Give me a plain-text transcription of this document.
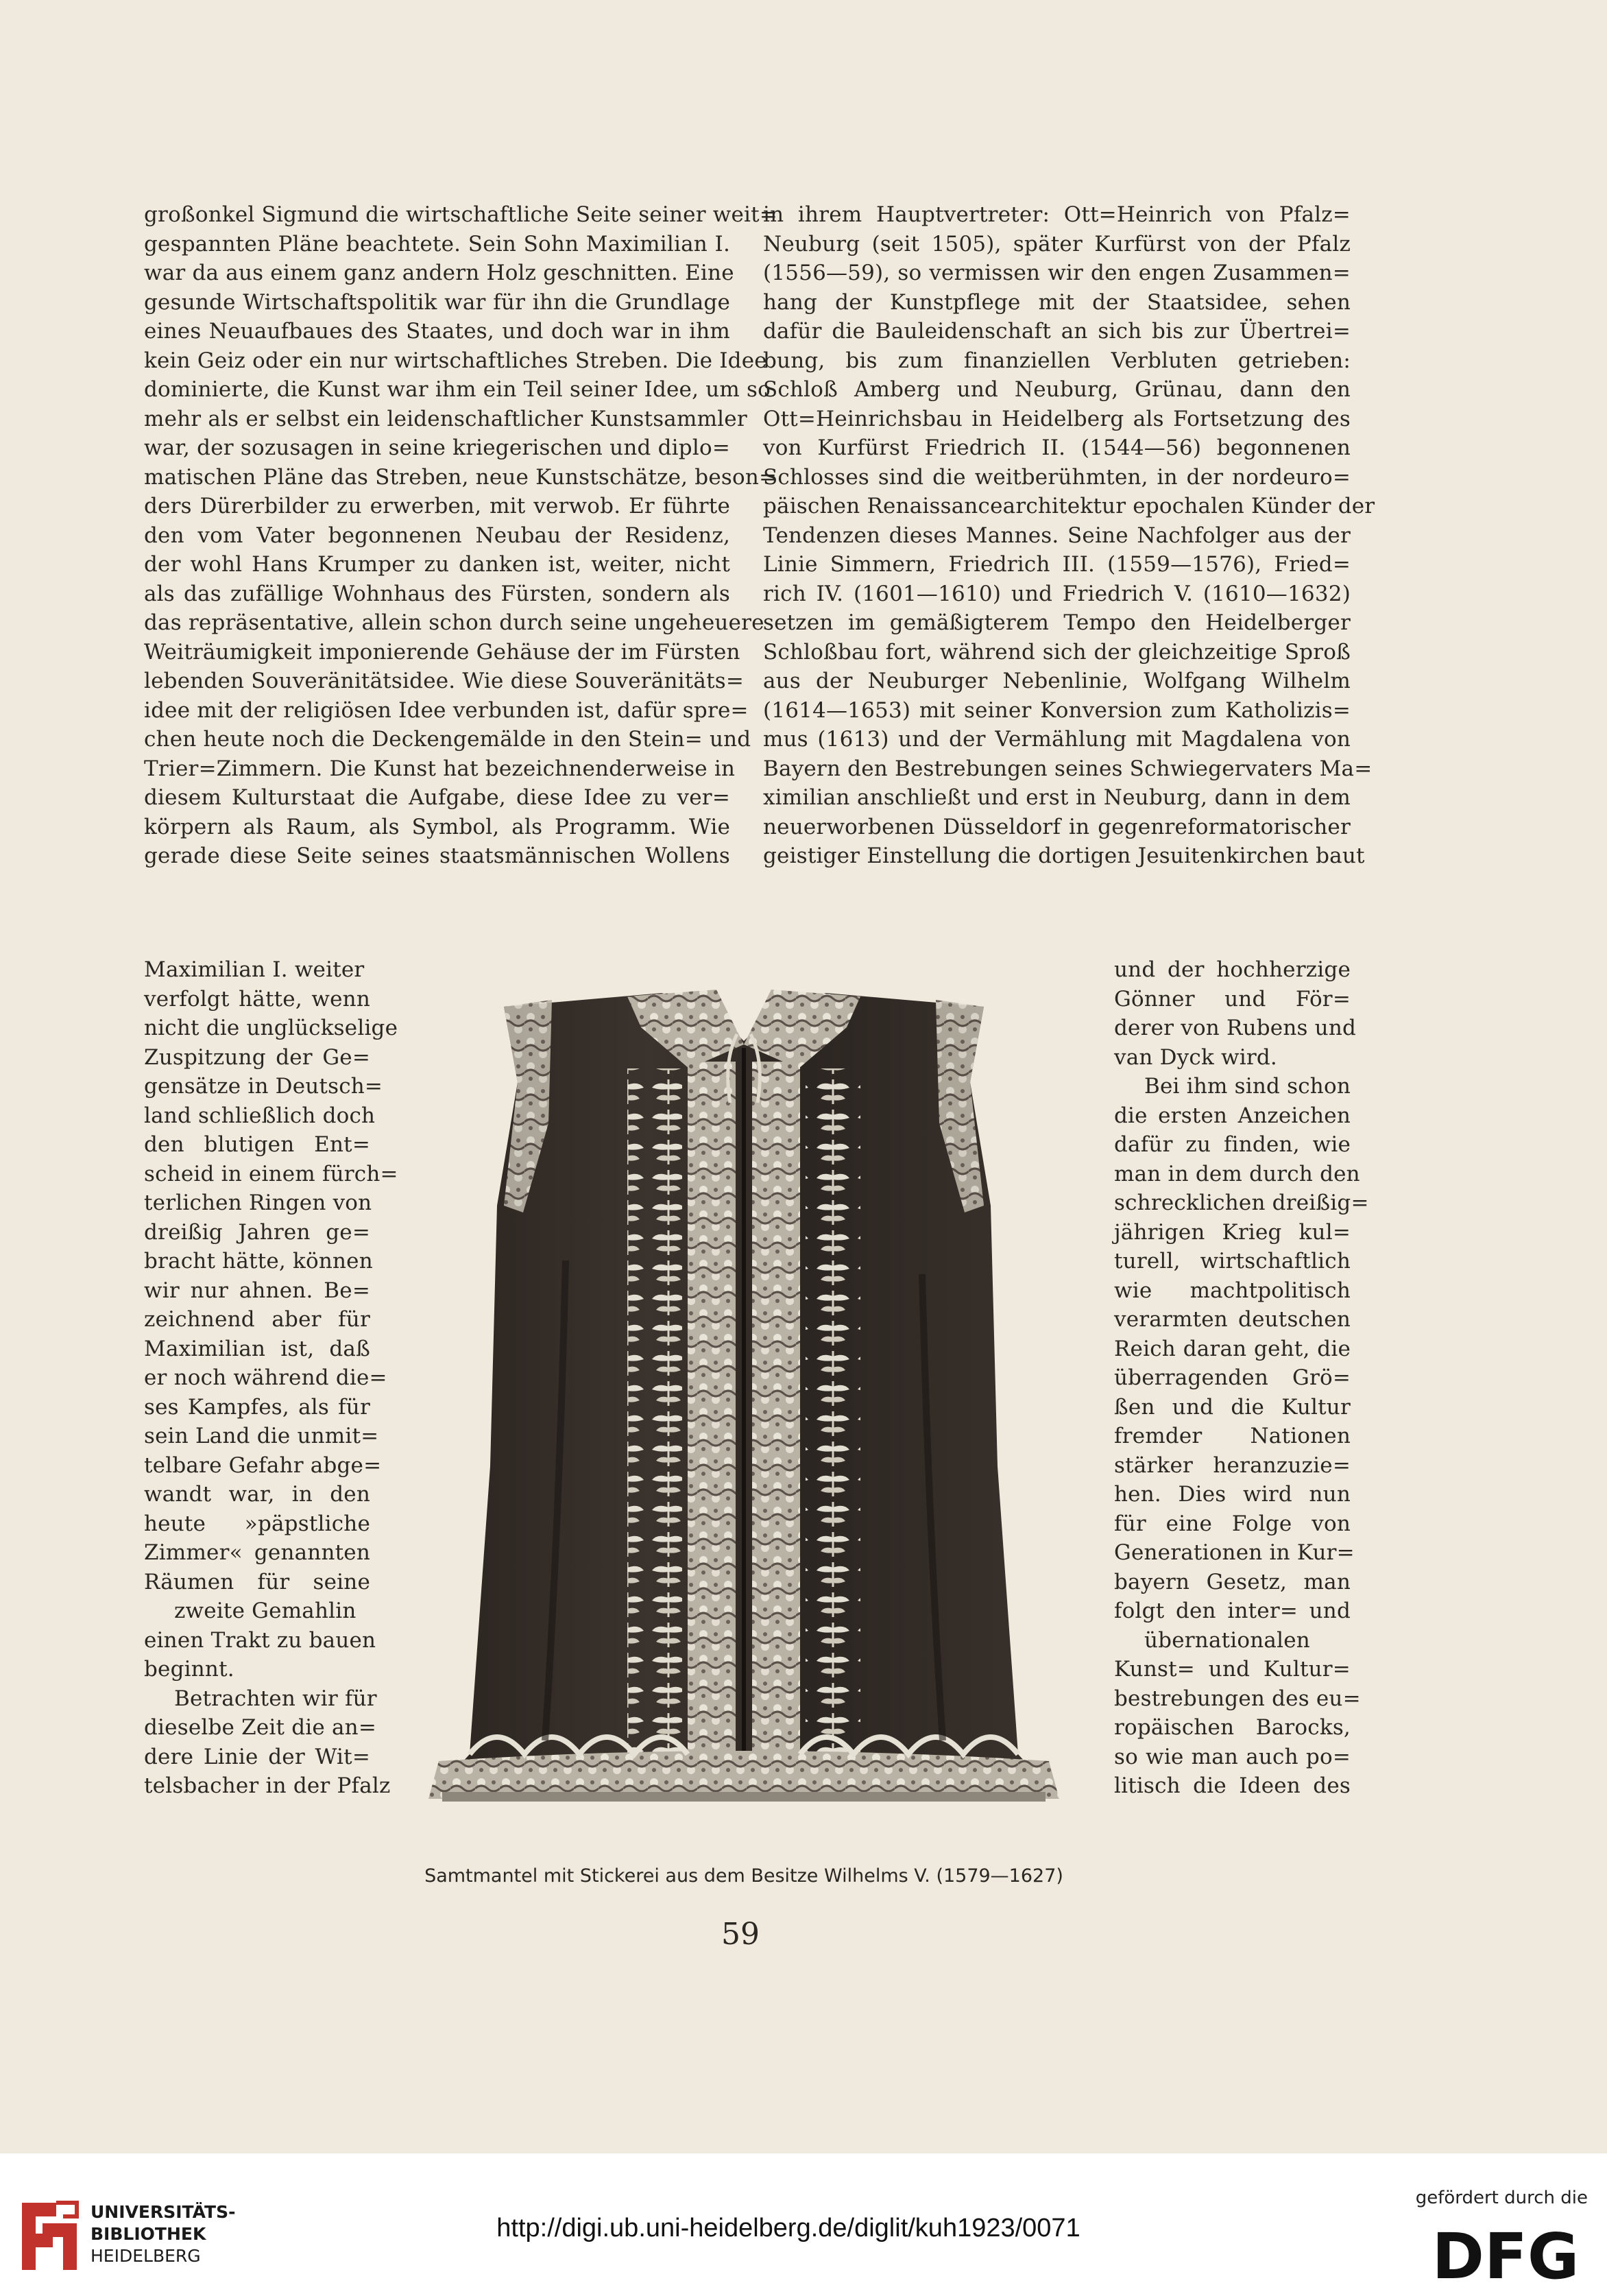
großonkel Sigmund die wirtschaftliche Seite seiner weit=
gespannten Pläne beachtete. Sein Sohn Maximilian I.
war da aus einem ganz andern Holz geschnitten. Eine
gesunde Wirtschaftspolitik war für ihn die Grundlage
eines Neuaufbaues des Staates, und doch war in ihm
kein Geiz oder ein nur wirtschaftliches Streben. Die Idee
dominierte, die Kunst war ihm ein Teil seiner Idee, um so
mehr als er selbst ein leidenschaftlicher Kunstsammler
war, der sozusagen in seine kriegerischen und diplo=
matischen Pläne das Streben, neue Kunstschätze, beson=
ders Dürerbilder zu erwerben, mit verwob. Er führte
den vom Vater begonnenen Neubau der Residenz,
der wohl Hans Krumper zu danken ist, weiter, nicht
als das zufällige Wohnhaus des Fürsten, sondern als
das repräsentative, allein schon durch seine ungeheuere
Weiträumigkeit imponierende Gehäuse der im Fürsten
lebenden Souveränitätsidee. Wie diese Souveränitäts=
idee mit der religiösen Idee verbunden ist, dafür spre=
chen heute noch die Deckengemälde in den Stein= und
Trier=Zimmern. Die Kunst hat bezeichnenderweise in
diesem Kulturstaat die Aufgabe, diese Idee zu ver=
körpern als Raum, als Symbol, als Programm. Wie
gerade diese Seite seines staatsmännischen Wollens
in ihrem Hauptvertreter: Ott=Heinrich von Pfalz=
Neuburg (seit 1505), später Kurfürst von der Pfalz
(1556—59), so vermissen wir den engen Zusammen=
hang der Kunstpflege mit der Staatsidee, sehen
dafür die Bauleidenschaft an sich bis zur Übertrei=
bung, bis zum finanziellen Verbluten getrieben:
Schloß Amberg und Neuburg, Grünau, dann den
Ott=Heinrichsbau in Heidelberg als Fortsetzung des
von Kurfürst Friedrich II. (1544—56) begonnenen
Schlosses sind die weitberühmten, in der nordeuro=
päischen Renaissancearchitektur epochalen Künder der
Tendenzen dieses Mannes. Seine Nachfolger aus der
Linie Simmern, Friedrich III. (1559—1576), Fried=
rich IV. (1601—1610) und Friedrich V. (1610—1632)
setzen im gemäßigterem Tempo den Heidelberger
Schloßbau fort, während sich der gleichzeitige Sproß
aus der Neuburger Nebenlinie, Wolfgang Wilhelm
(1614—1653) mit seiner Konversion zum Katholizis=
mus (1613) und der Vermählung mit Magdalena von
Bayern den Bestrebungen seines Schwiegervaters Ma=
ximilian anschließt und erst in Neuburg, dann in dem
neuerworbenen Düsseldorf in gegenreformatorischer
geistiger Einstellung die dortigen Jesuitenkirchen baut
Maximilian I. weiter
verfolgt hätte, wenn
nicht die unglückselige
Zuspitzung der Ge=
gensätze in Deutsch=
land schließlich doch
den blutigen Ent=
scheid in einem fürch=
terlichen Ringen von
dreißig Jahren ge=
bracht hätte, können
wir nur ahnen. Be=
zeichnend aber für
Maximilian ist, daß
er noch während die=
ses Kampfes, als für
sein Land die unmit=
telbare Gefahr abge=
wandt war, in den
heute »päpstliche
Zimmer« genannten
Räumen für seine
zweite Gemahlin
einen Trakt zu bauen
beginnt.
Betrachten wir für
dieselbe Zeit die an=
dere Linie der Wit=
telsbacher in der Pfalz
und der hochherzige
Gönner und För=
derer von Rubens und
van Dyck wird.
Bei ihm sind schon
die ersten Anzeichen
dafür zu finden, wie
man in dem durch den
schrecklichen dreißig=
jährigen Krieg kul=
turell, wirtschaftlich
wie machtpolitisch
verarmten deutschen
Reich daran geht, die
überragenden Grö=
ßen und die Kultur
fremder Nationen
stärker heranzuzie=
hen. Dies wird nun
für eine Folge von
Generationen in Kur=
bayern Gesetz, man
folgt den inter= und
übernationalen
Kunst= und Kultur=
bestrebungen des eu=
ropäischen Barocks,
so wie man auch po=
litisch die Ideen des
Samtmantel mit Stickerei aus dem Besitze Wilhelms V. (1579—1627)
59
UNIVERSITÄTS-
BIBLIOTHEK
HEIDELBERG
http://digi.ub.uni-heidelberg.de/diglit/kuh1923/0071
gefördert durch die
DFG
